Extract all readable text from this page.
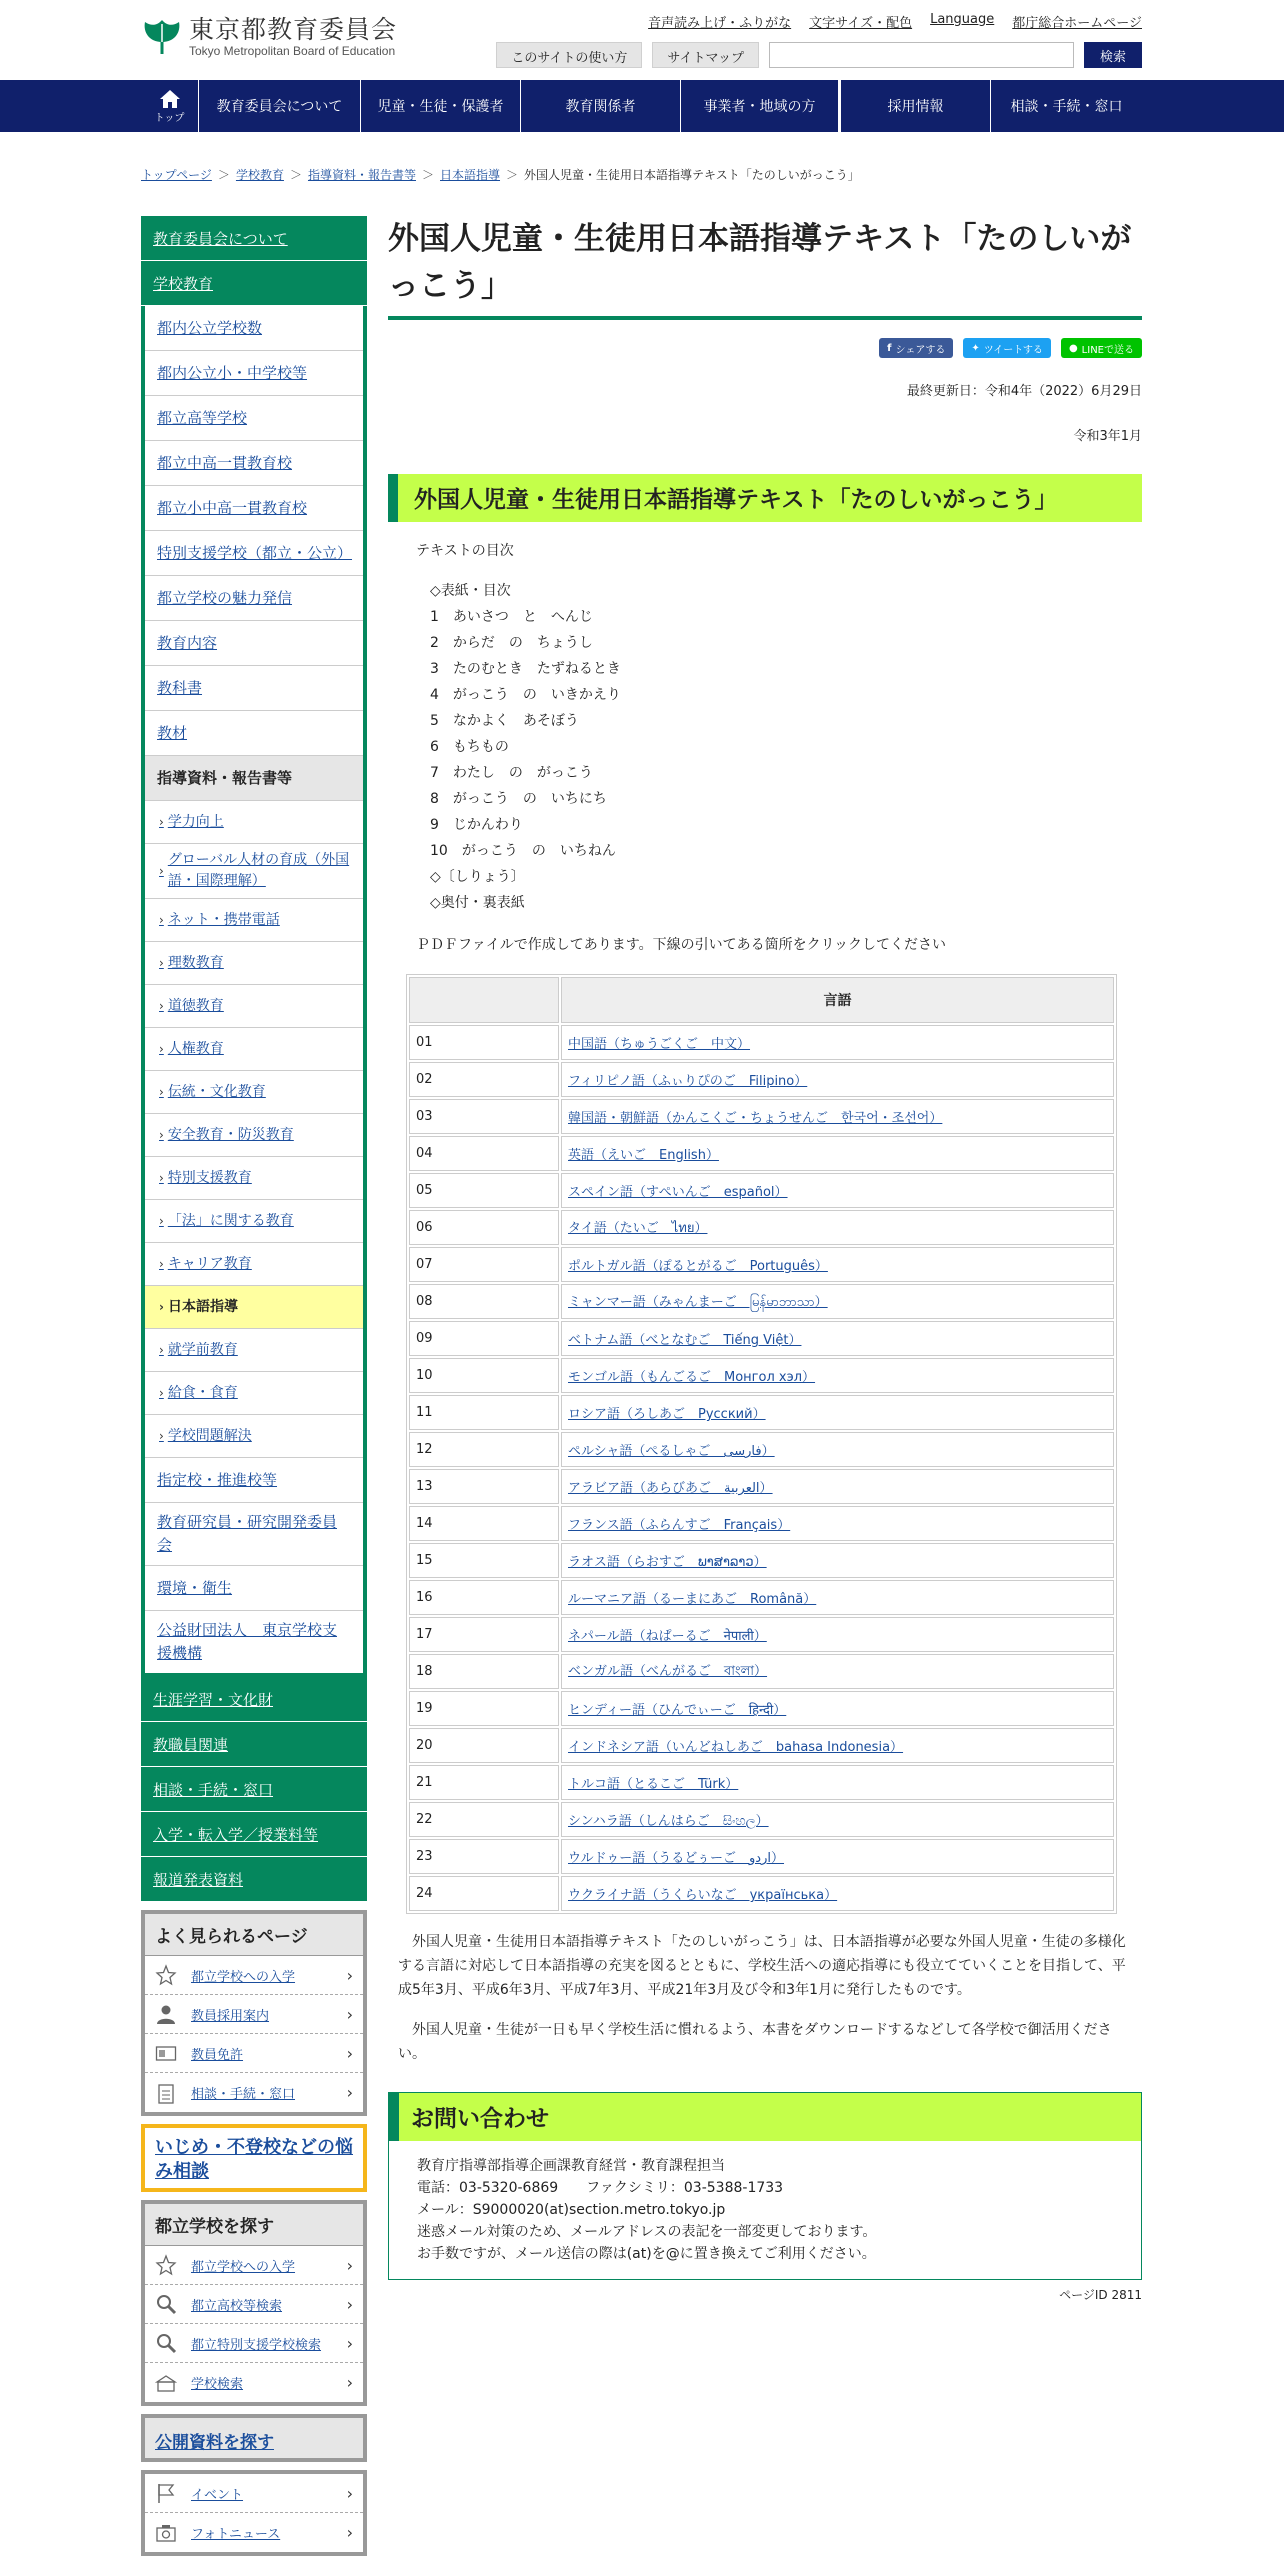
東京都教育委員会
Tokyo Metropolitan Board of Education
音声読み上げ・ふりがな 文字サイズ・配色 Language 都庁総合ホームページ
このサイトの使い方	サイトマップ	検索
トップ
教育委員会について	児童・生徒・保護者	教育関係者	事業者・地域の方	採用情報	相談・手続・窓口
トップページ ＞ 学校教育 ＞ 指導資料・報告書等 ＞ 日本語指導 ＞ 外国人児童・生徒用日本語指導テキスト「たのしいがっこう」
教育委員会について
学校教育
都内公立学校数
都内公立小・中学校等
都立高等学校
都立中高一貫教育校
都立小中高一貫教育校
特別支援学校（都立・公立）
都立学校の魅力発信
教育内容
教科書
教材
指導資料・報告書等
› 学力向上
›
グローバル人材の育成（外国語・国際理解）
› ネット・携帯電話
› 理数教育
› 道徳教育
› 人権教育
› 伝統・文化教育
› 安全教育・防災教育
› 特別支援教育
› 「法」に関する教育
› キャリア教育
› 日本語指導
› 就学前教育
› 給食・食育
› 学校問題解決
指定校・推進校等
教育研究員・研究開発委員会
環境・衛生
公益財団法人　東京学校支援機構
生涯学習・文化財
教職員関連
相談・手続・窓口
入学・転入学／授業料等
報道発表資料
よく見られるページ
都立学校への入学	›
教員採用案内	›
教員免許	›
相談・手続・窓口	›
いじめ・不登校などの悩み相談
都立学校を探す
都立学校への入学	›
都立高校等検索	›
都立特別支援学校検索	›
学校検索	›
公開資料を探す
イベント	›
フォトニュース	›
外国人児童・生徒用日本語指導テキスト「たのしいがっこう」
f シェアする	✦ ツイートする	● LINEで送る
最終更新日：令和4年（2022）6月29日
令和3年1月
外国人児童・生徒用日本語指導テキスト「たのしいがっこう」
テキストの目次
◇表紙・目次
1　あいさつ　と　へんじ
2　からだ　の　ちょうし
3　たのむとき　たずねるとき
4　がっこう　の　いきかえり
5　なかよく　あそぼう
6　もちもの
7　わたし　の　がっこう
8　がっこう　の　いちにち
9　じかんわり
10　がっこう　の　いちねん
◇〔しりょう〕
◇奥付・裏表紙
ＰＤＦファイルで作成してあります。下線の引いてある箇所をクリックしてください
	言語
01	中国語（ちゅうごくご　中文）
02	フィリピノ語（ふぃりぴのご　Filipino）
03	韓国語・朝鮮語（かんこくご・ちょうせんご　한국어・조선어）
04	英語（えいご　English）
05	スペイン語（すぺいんご　español）
06	タイ語（たいご　ไทย）
07	ポルトガル語（ぽるとがるご　Português）
08	ミャンマー語（みゃんまーご　မြန်မာဘာသာ）
09	ベトナム語（べとなむご　Tiếng Việt）
10	モンゴル語（もんごるご　Монгол хэл）
11	ロシア語（ろしあご　Русский）
12	ペルシャ語（ぺるしゃご　فارسی）
13	アラビア語（あらびあご　العربية）
14	フランス語（ふらんすご　Français）
15	ラオス語（らおすご　ພາສາລາວ）
16	ルーマニア語（るーまにあご　Română）
17	ネパール語（ねぱーるご　नेपाली）
18	ベンガル語（べんがるご　বাংলা）
19	ヒンディー語（ひんでぃーご　हिन्दी）
20	インドネシア語（いんどねしあご　bahasa Indonesia）
21	トルコ語（とるこご　Türk）
22	シンハラ語（しんはらご　සිංහල）
23	ウルドゥー語（うるどぅーご　اردو）
24	ウクライナ語（うくらいなご　українська）

外国人児童・生徒用日本語指導テキスト「たのしいがっこう」は、日本語指導が必要な外国人児童・生徒の多様化する言語に対応して日本語指導の充実を図るとともに、学校生活への適応指導にも役立てていくことを目指して、平成5年3月、平成6年3月、平成7年3月、平成21年3月及び令和3年1月に発行したものです。

外国人児童・生徒が一日も早く学校生活に慣れるよう、本書をダウンロードするなどして各学校で御活用ください。

お問い合わせ
教育庁指導部指導企画課教育経営・教育課程担当
電話：03-5320-6869　　ファクシミリ：03-5388-1733
メール：S9000020(at)section.metro.tokyo.jp
迷惑メール対策のため、メールアドレスの表記を一部変更しております。
お手数ですが、メール送信の際は(at)を@に置き換えてご利用ください。
ページID 2811
